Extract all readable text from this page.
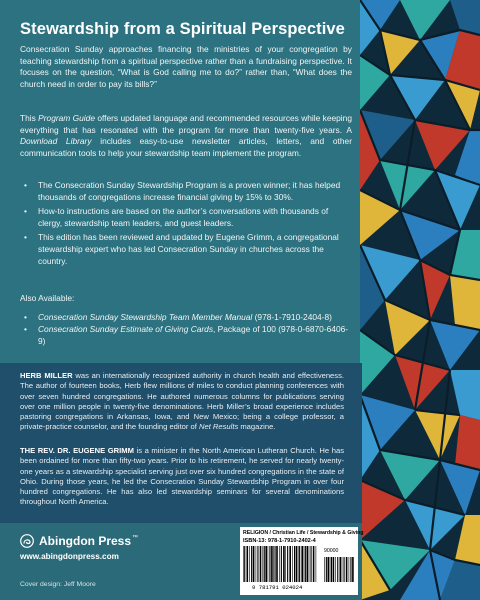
Stewardship from a Spiritual Perspective
Consecration Sunday approaches financing the ministries of your congregation by teaching stewardship from a spiritual perspective rather than a fundraising perspective. It focuses on the question, “What is God calling me to do?” rather than, “What does the church need in order to pay its bills?”
This Program Guide offers updated language and recommended resources while keeping everything that has resonated with the program for more than twenty-five years. A Download Library includes easy-to-use newsletter articles, letters, and other communication tools to help your stewardship team implement the program.
• The Consecration Sunday Stewardship Program is a proven winner; it has helped thousands of congregations increase financial giving by 15% to 30%.
• How-to instructions are based on the author’s conversations with thousands of clergy, stewardship team leaders, and guest leaders.
• This edition has been reviewed and updated by Eugene Grimm, a congregational stewardship expert who has led Consecration Sunday in churches across the country.
Also Available:
• Consecration Sunday Stewardship Team Member Manual (978-1-7910-2404-8)
• Consecration Sunday Estimate of Giving Cards, Package of 100 (978-0-6870-6406-9)
HERB MILLER was an internationally recognized authority in church health and effectiveness. The author of fourteen books, Herb flew millions of miles to conduct planning conferences with over seven hundred congregations. He authored numerous columns for publications serving over one million people in twenty-five denominations. Herb Miller’s broad experience includes pastoring congregations in Arkansas, Iowa, and New Mexico; being a college professor, a private-practice counselor, and the founding editor of Net Results magazine.
THE REV. DR. EUGENE GRIMM is a minister in the North American Lutheran Church. He has been ordained for more than fifty-two years. Prior to his retirement, he served for nearly twenty-one years as a stewardship specialist serving just over six hundred congregations in the state of Ohio. During those years, he led the Consecration Sunday Stewardship Program in over four hundred congregations. He has also led stewardship seminars for several denominations throughout North America.
Abingdon Press ™
www.abingdonpress.com
Cover design: Jeff Moore
RELIGION / Christian Life / Stewardship & Giving
ISBN-13: 978-1-7910-2402-4
90000
9 781791 024024
